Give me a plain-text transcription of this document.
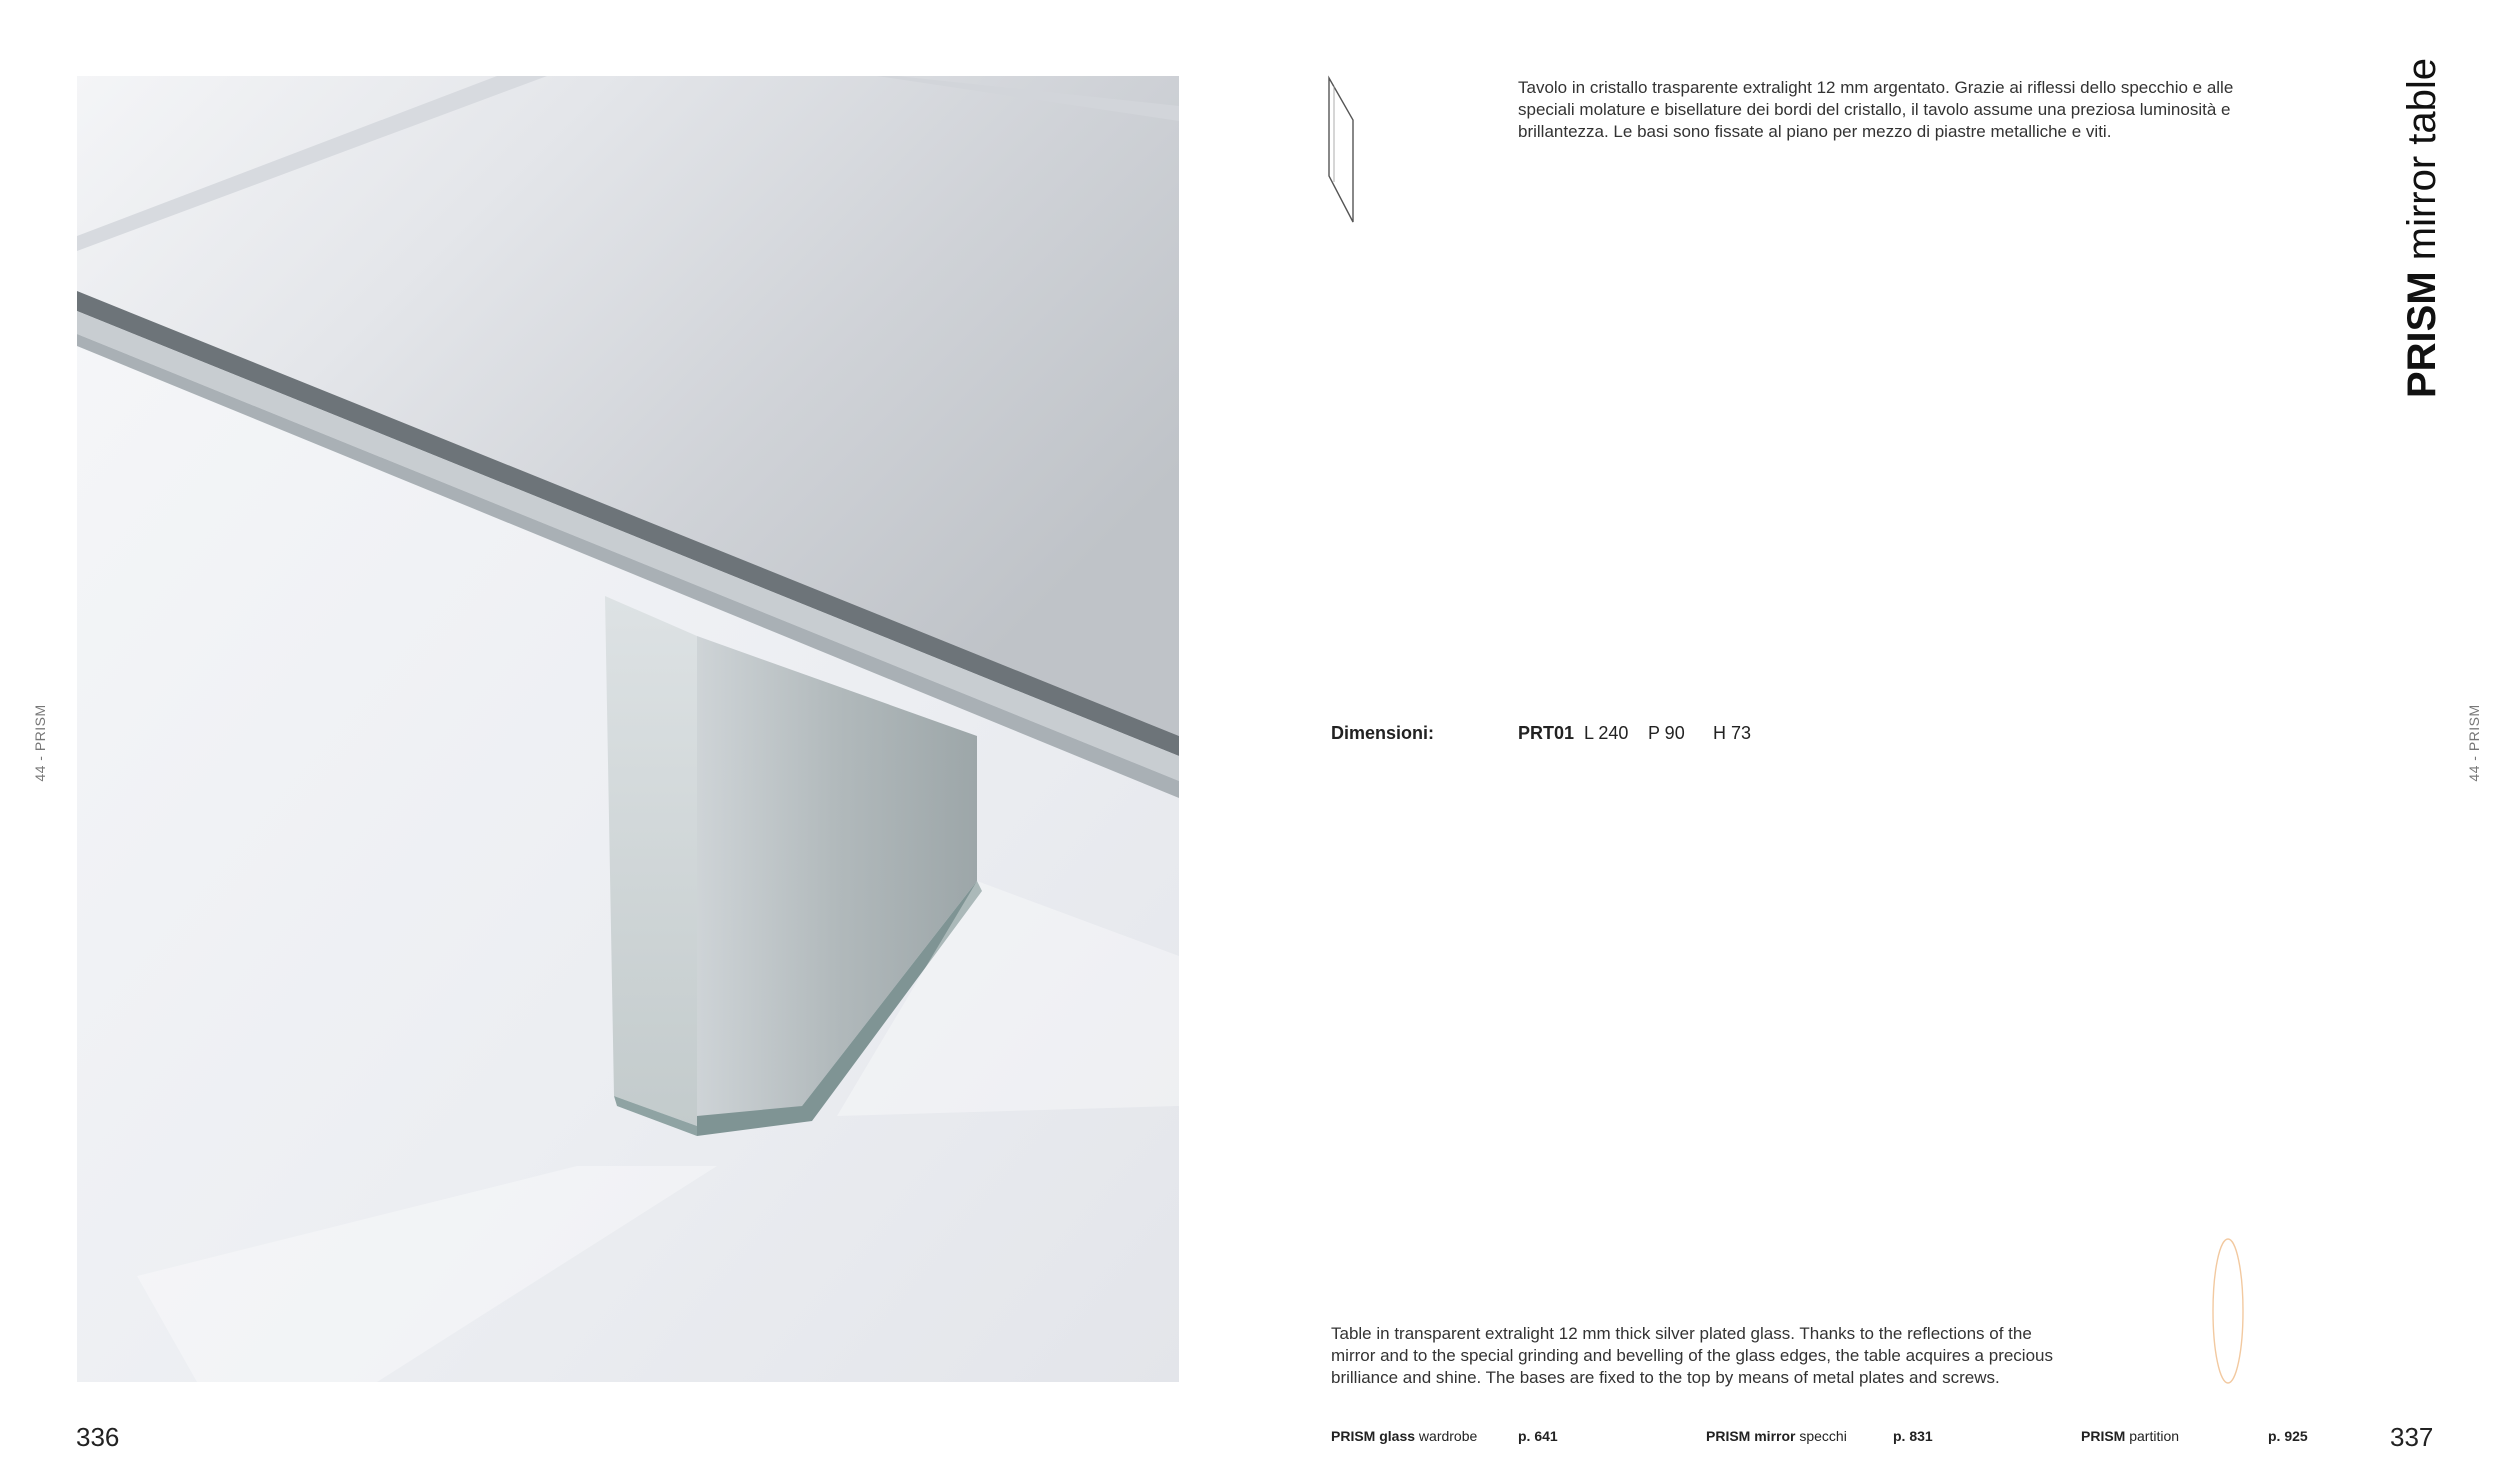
44 - PRISM	44 - PRISM
PRISM mirror table
Tavolo in cristallo trasparente extralight 12 mm argentato. Grazie ai riflessi dello specchio e alle speciali molature e bisellature dei bordi del cristallo, il tavolo assume una preziosa luminosità e brillantezza. Le basi sono fissate al piano per mezzo di piastre metalliche e viti.
Dimensioni:	PRT01 L 240 P 90 H 73
Table in transparent extralight 12 mm thick silver plated glass. Thanks to the reflections of the mirror and to the special grinding and bevelling of the glass edges, the table acquires a precious brilliance and shine. The bases are fixed to the top by means of metal plates and screws.
336	337
PRISM glass wardrobe	p. 641	PRISM mirror specchi	p. 831	PRISM partition	p. 925
